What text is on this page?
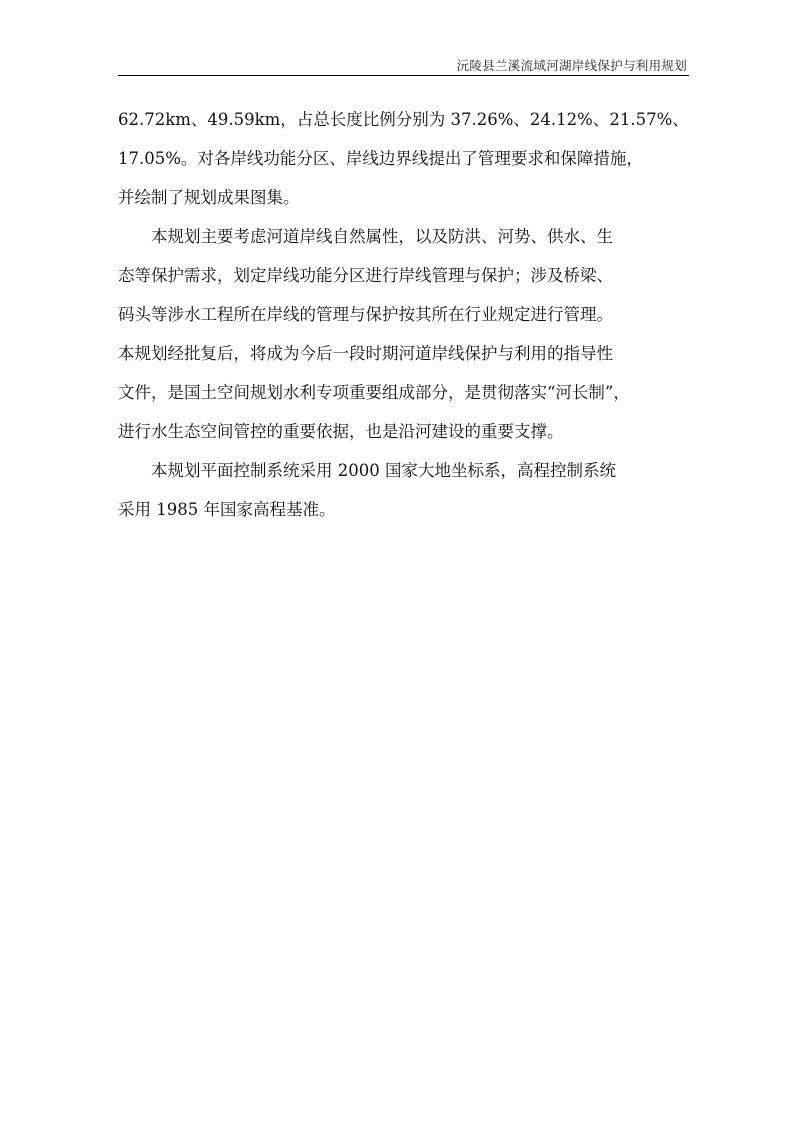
沅陵县兰溪流域河湖岸线保护与利用规划

62.72km、49.59km，占总长度比例分别为 37.26%、24.12%、21.57%、
17.05%。对各岸线功能分区、岸线边界线提出了管理要求和保障措施，
并绘制了规划成果图集。

本规划主要考虑河道岸线自然属性，以及防洪、河势、供水、生
态等保护需求，划定岸线功能分区进行岸线管理与保护；涉及桥梁、
码头等涉水工程所在岸线的管理与保护按其所在行业规定进行管理。
本规划经批复后，将成为今后一段时期河道岸线保护与利用的指导性
文件，是国土空间规划水利专项重要组成部分，是贯彻落实“河长制”，
进行水生态空间管控的重要依据，也是沿河建设的重要支撑。

本规划平面控制系统采用 2000 国家大地坐标系，高程控制系统
采用 1985 年国家高程基准。
